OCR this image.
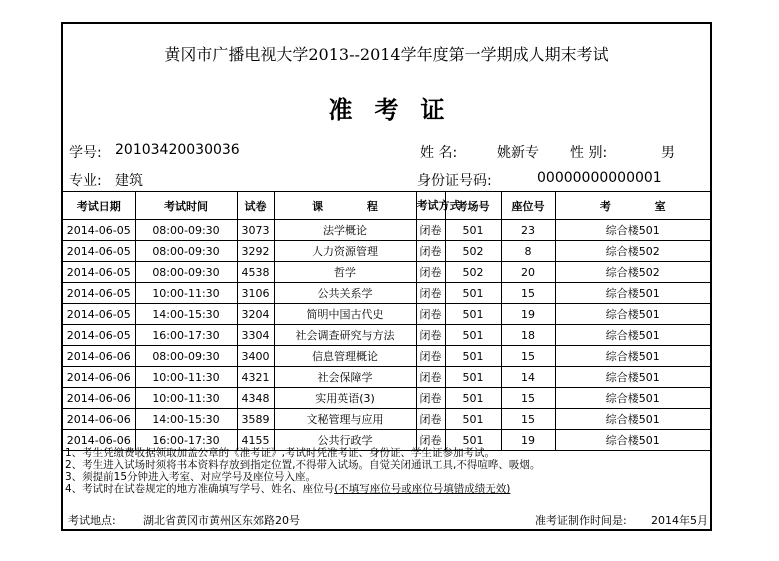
黄冈市广播电视大学2013--2014学年度第一学期成人期末考试
准考证
学号: 20103420030036	姓 名:	姚新专 性 别:	男
专业: 建筑	身份证号码:	00000000000001
考试日期	考试时间	试卷	课 程	考试方式	考场号	座位号	考 室
2014-06-05	08:00-09:30	3073	法学概论	闭卷	501	23	综合楼501
2014-06-05	08:00-09:30	3292	人力资源管理	闭卷	502	8	综合楼502
2014-06-05	08:00-09:30	4538	哲学	闭卷	502	20	综合楼502
2014-06-05	10:00-11:30	3106	公共关系学	闭卷	501	15	综合楼501
2014-06-05	14:00-15:30	3204	简明中国古代史	闭卷	501	19	综合楼501
2014-06-05	16:00-17:30	3304	社会调查研究与方法	闭卷	501	18	综合楼501
2014-06-06	08:00-09:30	3400	信息管理概论	闭卷	501	15	综合楼501
2014-06-06	10:00-11:30	4321	社会保障学	闭卷	501	14	综合楼501
2014-06-06	10:00-11:30	4348	实用英语(3)	闭卷	501	15	综合楼501
2014-06-06	14:00-15:30	3589	文秘管理与应用	闭卷	501	15	综合楼501
2014-06-06	16:00-17:30	4155	公共行政学	闭卷	501	19	综合楼501
1、考生凭缴费收据领取加盖公章的《准考证》,考试时凭准考证、身份证、学生证参加考试。
2、考生进入试场时须将书本资料存放到指定位置,不得带入试场。自觉关闭通讯工具,不得喧哗、吸烟。
3、须提前15分钟进入考室、对应学号及座位号入座。
4、考试时在试卷规定的地方准确填写学号、姓名、座位号(不填写座位号或座位号填错成绩无效)
考试地点: 湖北省黄冈市黄州区东郊路20号	准考证制作时间是: 2014年5月
